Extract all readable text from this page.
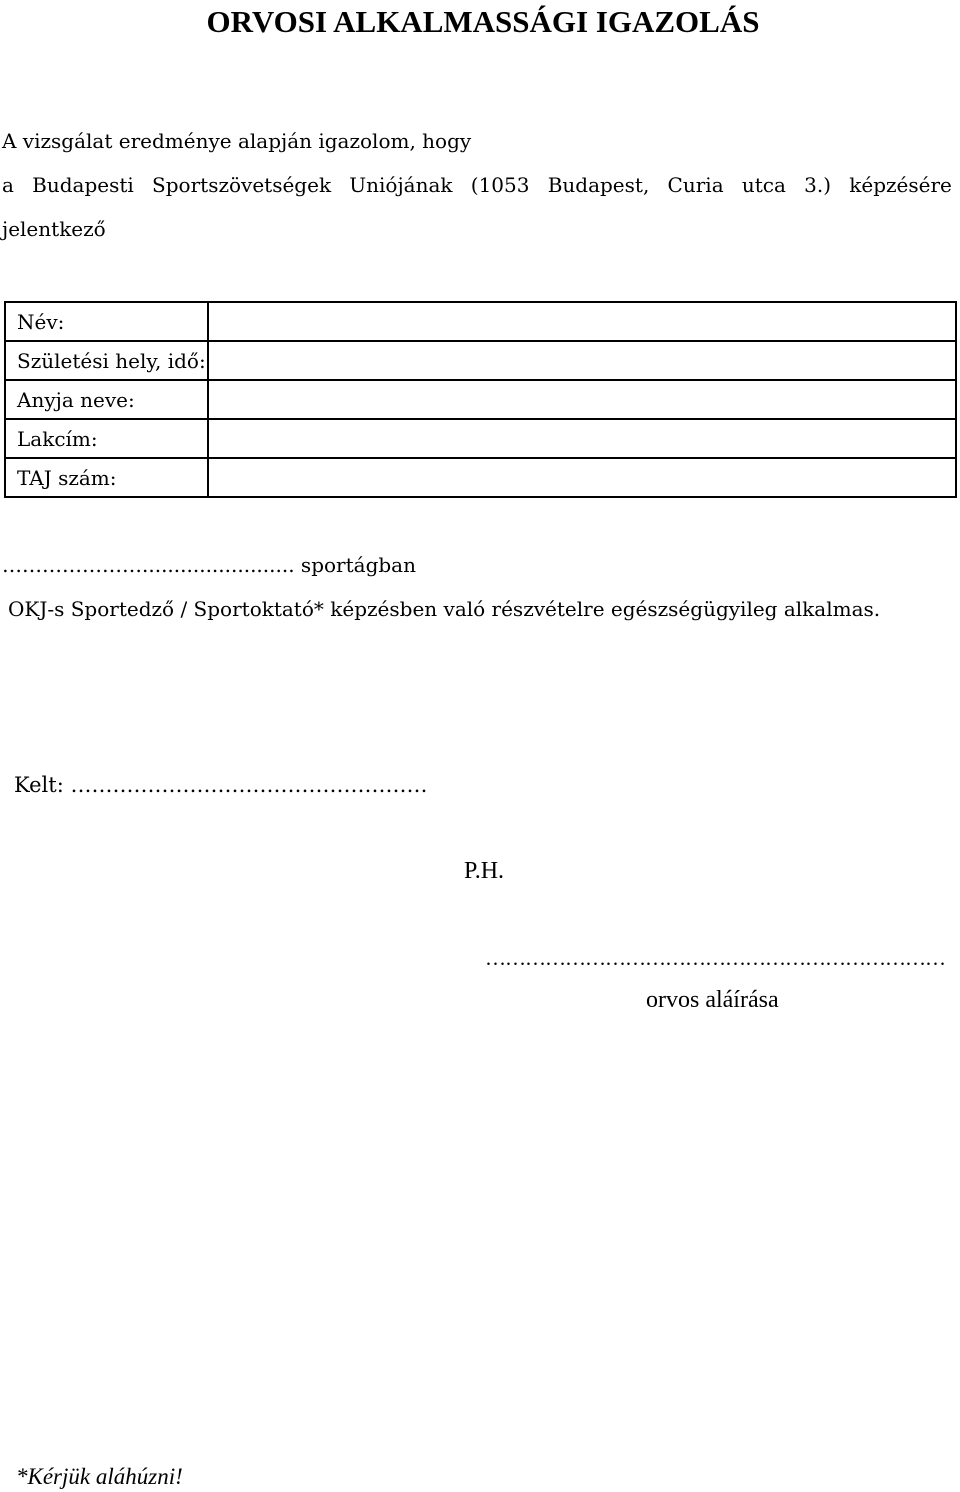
ORVOSI ALKALMASSÁGI IGAZOLÁS
A vizsgálat eredménye alapján igazolom, hogy
a Budapesti Sportszövetségek Uniójának (1053 Budapest, Curia utca 3.) képzésére
jelentkező
Név:	
Születési hely, idő:	
Anyja neve:	
Lakcím:	
TAJ szám:	
…………………........................ sportágban
OKJ-s Sportedző / Sportoktató* képzésben való részvételre egészségügyileg alkalmas.
Kelt: ……………………………………………
P.H.
……………………………………………………………
orvos aláírása
*Kérjük aláhúzni!
